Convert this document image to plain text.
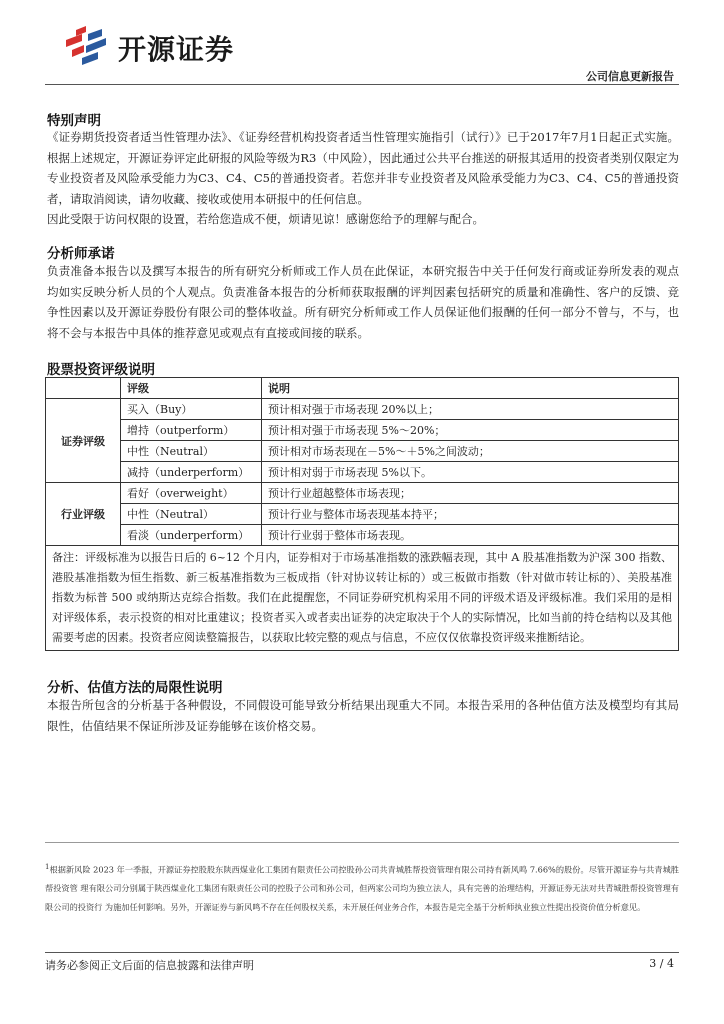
开源证券
公司信息更新报告
特别声明
《证券期货投资者适当性管理办法》、《证券经营机构投资者适当性管理实施指引（试行）》已于2017年7月1日起正式实施。根据上述规定，开源证券评定此研报的风险等级为R3（中风险），因此通过公共平台推送的研报其适用的投资者类别仅限定为专业投资者及风险承受能力为C3、C4、C5的普通投资者。若您并非专业投资者及风险承受能力为C3、C4、C5的普通投资者，请取消阅读，请勿收藏、接收或使用本研报中的任何信息。
因此受限于访问权限的设置，若给您造成不便，烦请见谅！感谢您给予的理解与配合。
分析师承诺
负责准备本报告以及撰写本报告的所有研究分析师或工作人员在此保证，本研究报告中关于任何发行商或证券所发表的观点均如实反映分析人员的个人观点。负责准备本报告的分析师获取报酬的评判因素包括研究的质量和准确性、客户的反馈、竞争性因素以及开源证券股份有限公司的整体收益。所有研究分析师或工作人员保证他们报酬的任何一部分不曾与，不与，也将不会与本报告中具体的推荐意见或观点有直接或间接的联系。
股票投资评级说明
	评级	说明
证券评级	买入（Buy）	预计相对强于市场表现 20%以上；
	增持（outperform）	预计相对强于市场表现 5%～20%；
	中性（Neutral）	预计相对市场表现在－5%～＋5%之间波动；
	减持（underperform）	预计相对弱于市场表现 5%以下。
行业评级	看好（overweight）	预计行业超越整体市场表现；
	中性（Neutral）	预计行业与整体市场表现基本持平；
	看淡（underperform）	预计行业弱于整体市场表现。
备注：评级标准为以报告日后的 6~12 个月内，证券相对于市场基准指数的涨跌幅表现，其中 A 股基准指数为沪深 300 指数、港股基准指数为恒生指数、新三板基准指数为三板成指（针对协议转让标的）或三板做市指数（针对做市转让标的）、美股基准指数为标普 500 或纳斯达克综合指数。我们在此提醒您，不同证券研究机构采用不同的评级术语及评级标准。我们采用的是相对评级体系，表示投资的相对比重建议；投资者买入或者卖出证券的决定取决于个人的实际情况，比如当前的持仓结构以及其他需要考虑的因素。投资者应阅读整篇报告，以获取比较完整的观点与信息，不应仅仅依靠投资评级来推断结论。		
分析、估值方法的局限性说明
本报告所包含的分析基于各种假设，不同假设可能导致分析结果出现重大不同。本报告采用的各种估值方法及模型均有其局限性，估值结果不保证所涉及证券能够在该价格交易。
$^1$根据新风险 2023 年一季报，开源证券控股股东陕西煤业化工集团有限责任公司控股孙公司共青城胜帮投资管理有限公司持有新风鸣 7.66%的股份。尽管开源证券与共青城胜帮投资管 理有限公司分别属于陕西煤业化工集团有限责任公司的控股子公司和孙公司，但两家公司均为独立法人，具有完善的治理结构，开源证券无法对共青城胜帮投资管理有限公司的投资行 为施加任何影响。另外，开源证券与新风鸣不存在任何股权关系，未开展任何业务合作，本报告是完全基于分析师执业独立性提出投资价值分析意见。
请务必参阅正文后面的信息披露和法律声明	3 / 4
